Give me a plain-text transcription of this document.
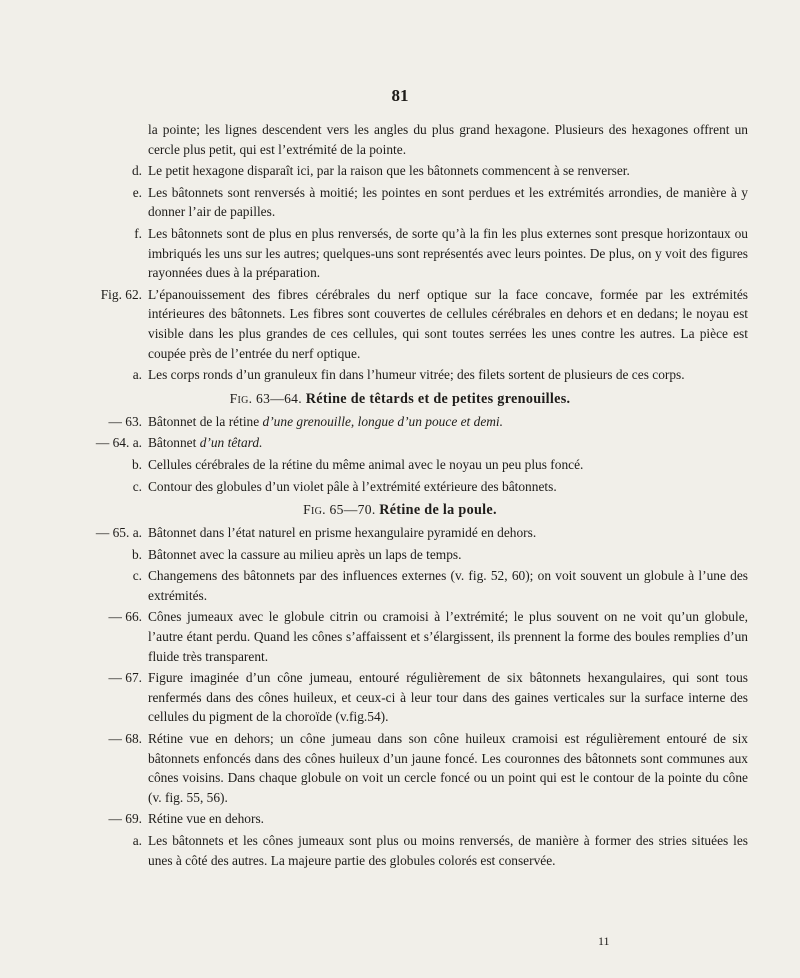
81
la pointe; les lignes descendent vers les angles du plus grand hexagone. Plusieurs des hexagones offrent un cercle plus petit, qui est l’extrémité de la pointe.
d. Le petit hexagone disparaît ici, par la raison que les bâtonnets commencent à se renverser.
e. Les bâtonnets sont renversés à moitié; les pointes en sont perdues et les extrémités arrondies, de manière à y donner l’air de papilles.
f. Les bâtonnets sont de plus en plus renversés, de sorte qu’à la fin les plus externes sont presque horizontaux ou imbriqués les uns sur les autres; quelques-uns sont représentés avec leurs pointes. De plus, on y voit des figures rayonnées dues à la préparation.
Fig. 62. L’épanouissement des fibres cérébrales du nerf optique sur la face concave, formée par les extrémités intérieures des bâtonnets. Les fibres sont couvertes de cellules cérébrales en dehors et en dedans; le noyau est visible dans les plus grandes de ces cellules, qui sont toutes serrées les unes contre les autres. La pièce est coupée près de l’entrée du nerf optique.
a. Les corps ronds d’un granuleux fin dans l’humeur vitrée; des filets sortent de plusieurs de ces corps.
Fig. 63—64. Rétine de têtards et de petites grenouilles.
— 63. Bâtonnet de la rétine d’une grenouille, longue d’un pouce et demi.
— 64. a. Bâtonnet d’un têtard.
b. Cellules cérébrales de la rétine du même animal avec le noyau un peu plus foncé.
c. Contour des globules d’un violet pâle à l’extrémité extérieure des bâtonnets.
Fig. 65—70. Rétine de la poule.
— 65. a. Bâtonnet dans l’état naturel en prisme hexangulaire pyramidé en dehors.
b. Bâtonnet avec la cassure au milieu après un laps de temps.
c. Changemens des bâtonnets par des influences externes (v. fig. 52, 60); on voit souvent un globule à l’une des extrémités.
— 66. Cônes jumeaux avec le globule citrin ou cramoisi à l’extrémité; le plus souvent on ne voit qu’un globule, l’autre étant perdu. Quand les cônes s’affaissent et s’élargissent, ils prennent la forme des boules remplies d’un fluide très transparent.
— 67. Figure imaginée d’un cône jumeau, entouré régulièrement de six bâtonnets hexangulaires, qui sont tous renfermés dans des cônes huileux, et ceux-ci à leur tour dans des gaines verticales sur la surface interne des cellules du pigment de la choroïde (v.fig.54).
— 68. Rétine vue en dehors; un cône jumeau dans son cône huileux cramoisi est régulièrement entouré de six bâtonnets enfoncés dans des cônes huileux d’un jaune foncé. Les couronnes des bâtonnets sont communes aux cônes voisins. Dans chaque globule on voit un cercle foncé ou un point qui est le contour de la pointe du cône (v. fig. 55, 56).
— 69. Rétine vue en dehors.
a. Les bâtonnets et les cônes jumeaux sont plus ou moins renversés, de manière à former des stries situées les unes à côté des autres. La majeure partie des globules colorés est conservée.
11
